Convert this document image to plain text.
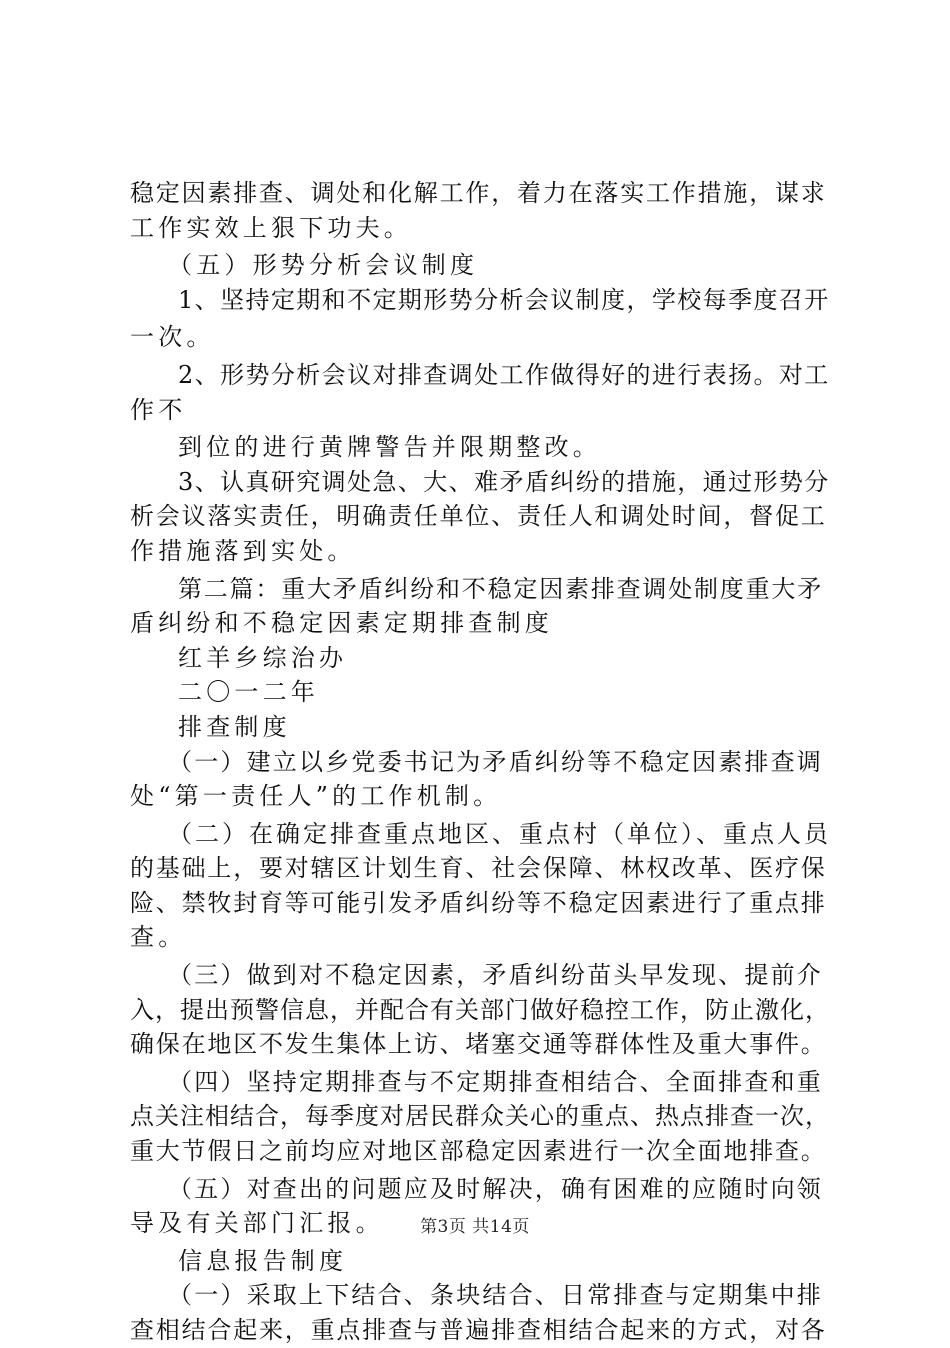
稳定因素排查、调处和化解工作，着力在落实工作措施，谋求
工作实效上狠下功夫。
（五）形势分析会议制度
1、坚持定期和不定期形势分析会议制度，学校每季度召开
一次。
2、形势分析会议对排查调处工作做得好的进行表扬。对工
作不
到位的进行黄牌警告并限期整改。
3、认真研究调处急、大、难矛盾纠纷的措施，通过形势分
析会议落实责任，明确责任单位、责任人和调处时间，督促工
作措施落到实处。
第二篇：重大矛盾纠纷和不稳定因素排查调处制度重大矛
盾纠纷和不稳定因素定期排查制度
红羊乡综治办
二〇一二年
排查制度
（一）建立以乡党委书记为矛盾纠纷等不稳定因素排查调
处“第一责任人”的工作机制。
（二）在确定排查重点地区、重点村（单位）、重点人员
的基础上，要对辖区计划生育、社会保障、林权改革、医疗保
险、禁牧封育等可能引发矛盾纠纷等不稳定因素进行了重点排
查。
（三）做到对不稳定因素，矛盾纠纷苗头早发现、提前介
入，提出预警信息，并配合有关部门做好稳控工作，防止激化，
确保在地区不发生集体上访、堵塞交通等群体性及重大事件。
（四）坚持定期排查与不定期排查相结合、全面排查和重
点关注相结合，每季度对居民群众关心的重点、热点排查一次，
重大节假日之前均应对地区部稳定因素进行一次全面地排查。
（五）对查出的问题应及时解决，确有困难的应随时向领
导及有关部门汇报。
信息报告制度
（一）采取上下结合、条块结合、日常排查与定期集中排
查相结合起来，重点排查与普遍排查相结合起来的方式，对各
第3页 共14页
